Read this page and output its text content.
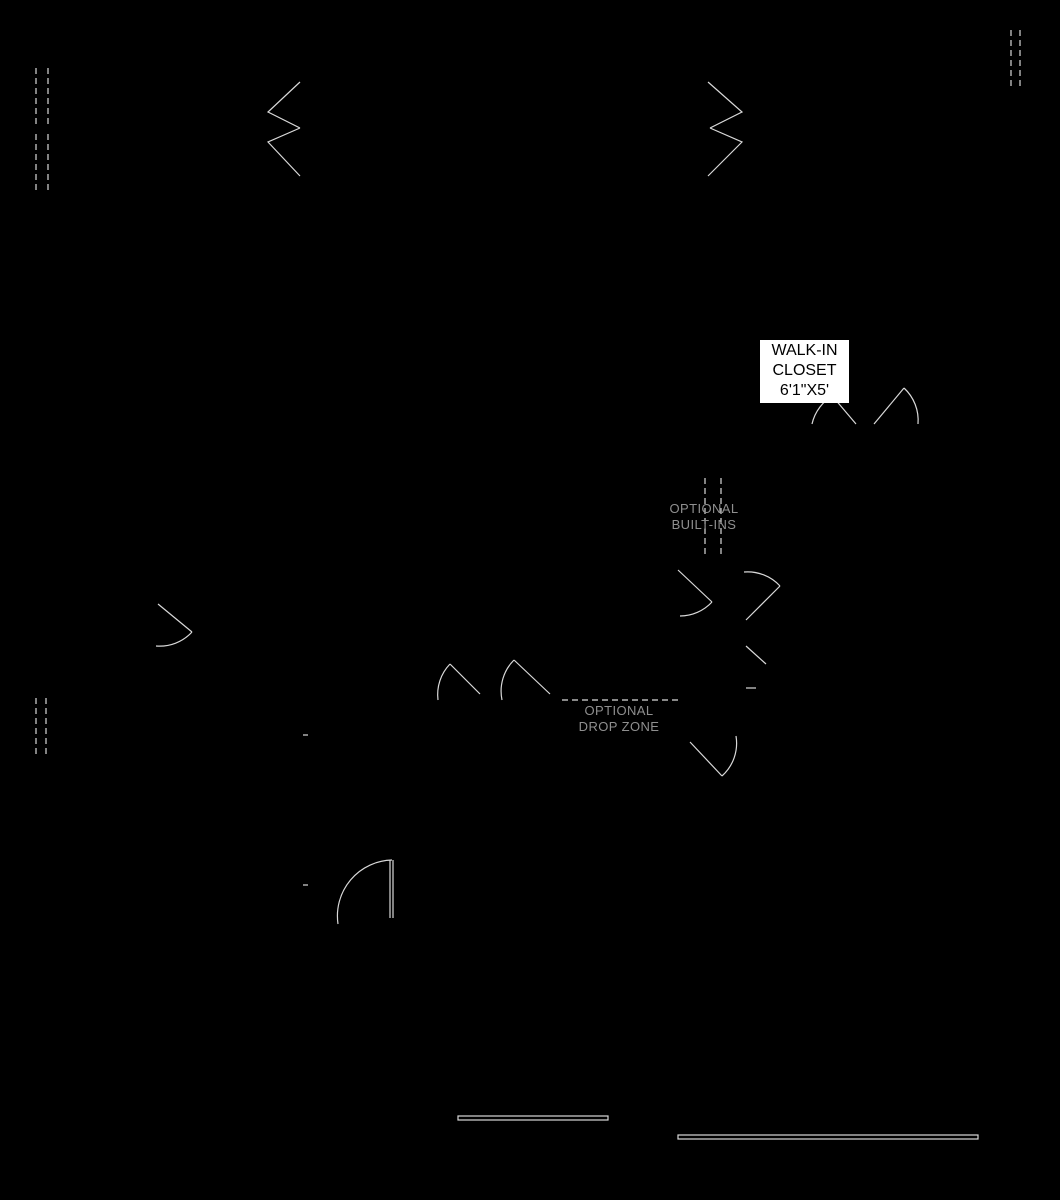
WALK-IN
CLOSET
6'1"X5'
OPTIONAL
BUILT-INS
OPTIONAL
DROP ZONE
